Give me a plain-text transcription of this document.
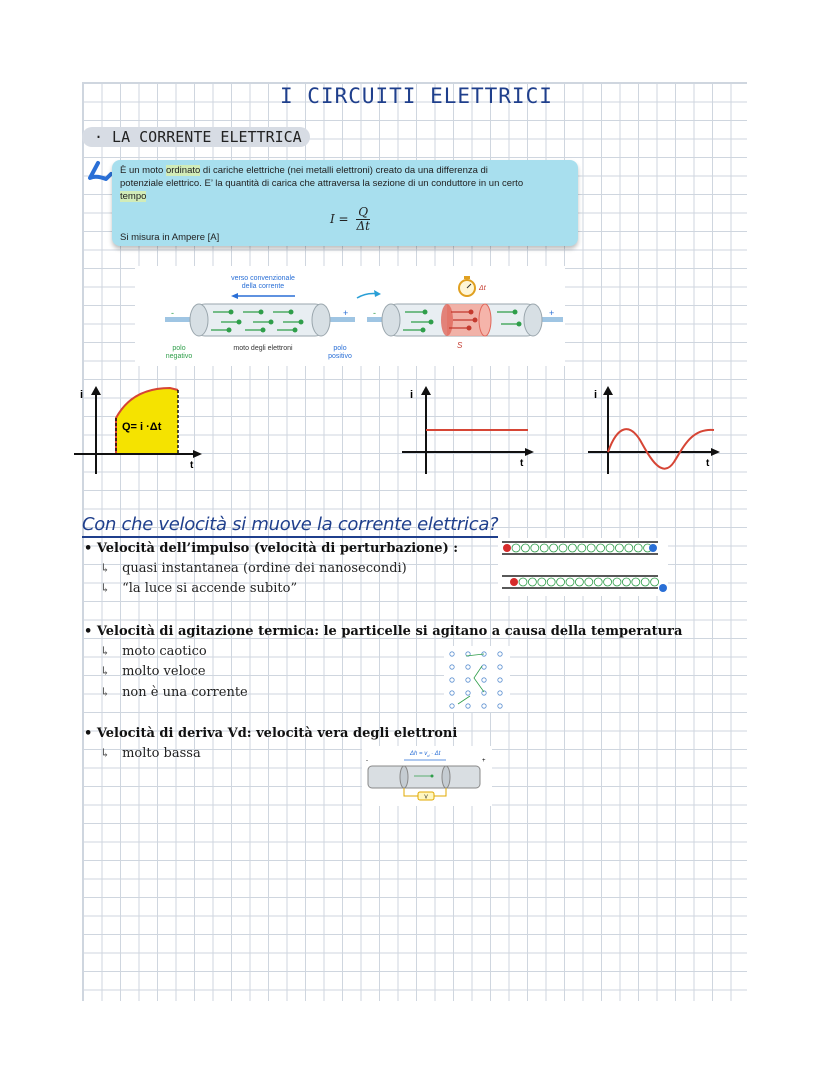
I CIRCUITI ELETTRICI
· LA CORRENTE ELETTRICA
È un moto ordinato di cariche elettriche (nei metalli elettroni) creato da una differenza di
potenziale elettrico. E’ la quantità di carica che attraversa la sezione di un conduttore in un certo
tempo
$I = \frac{Q}{\Delta t}$
Si misura in Ampere [A]
verso convenzionale
della corrente
-	+
polo
negativo
moto degli elettroni	polo
positivo
-	+
S
Δt
i
t
Q= i ·Δt
i
t
i
t
Con che velocità si muove la corrente elettrica?
• Velocità dell’impulso (velocità di perturbazione) :
↳ quasi instantanea (ordine dei nanosecondi)
↳ “la luce si accende subito”
• Velocità di agitazione termica: le particelle si agitano a causa della temperatura
↳ moto caotico
↳ molto veloce
↳ non è una corrente
• Velocità di deriva Vd: velocità vera degli elettroni
↳ molto bassa	$\Delta h = v_d \cdot \Delta t$
-	+
V
